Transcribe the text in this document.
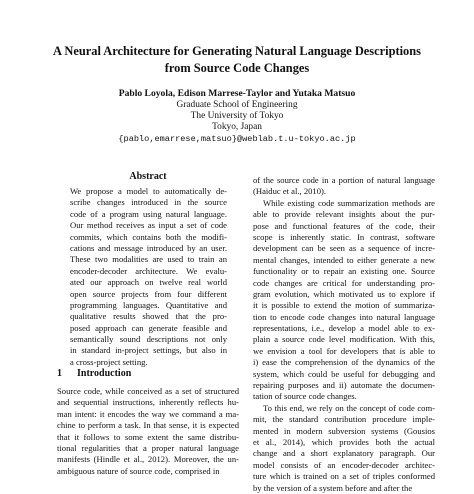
A Neural Architecture for Generating Natural Language Descriptions
from Source Code Changes
Pablo Loyola, Edison Marrese-Taylor and Yutaka Matsuo
Graduate School of Engineering
The University of Tokyo
Tokyo, Japan
{pablo,emarrese,matsuo}@weblab.t.u-tokyo.ac.jp
Abstract
We propose a model to automatically de-
scribe changes introduced in the source
code of a program using natural language.
Our method receives as input a set of code
commits, which contains both the modifi-
cations and message introduced by an user.
These two modalities are used to train an
encoder-decoder architecture. We evalu-
ated our approach on twelve real world
open source projects from four different
programming languages. Quantitative and
qualitative results showed that the pro-
posed approach can generate feasible and
semantically sound descriptions not only
in standard in-project settings, but also in
a cross-project setting.
1 Introduction
Source code, while conceived as a set of structured
and sequential instructions, inherently reflects hu-
man intent: it encodes the way we command a ma-
chine to perform a task. In that sense, it is expected
that it follows to some extent the same distribu-
tional regularities that a proper natural language
manifests (Hindle et al., 2012). Moreover, the un-
ambiguous nature of source code, comprised in
of the source code in a portion of natural language
(Haiduc et al., 2010).
While existing code summarization methods are
able to provide relevant insights about the pur-
pose and functional features of the code, their
scope is inherently static. In contrast, software
development can be seen as a sequence of incre-
mental changes, intended to either generate a new
functionality or to repair an existing one. Source
code changes are critical for understanding pro-
gram evolution, which motivated us to explore if
it is possible to extend the motion of summariza-
tion to encode code changes into natural language
representations, i.e., develop a model able to ex-
plain a source code level modification. With this,
we envision a tool for developers that is able to
i) ease the comprehension of the dynamics of the
system, which could be useful for debugging and
repairing purposes and ii) automate the documen-
tation of source code changes.
To this end, we rely on the concept of code com-
mit, the standard contribution procedure imple-
mented in modern subversion systems (Gousios
et al., 2014), which provides both the actual
change and a short explanatory paragraph. Our
model consists of an encoder-decoder architec-
ture which is trained on a set of triples conformed
by the version of a system before and after the
